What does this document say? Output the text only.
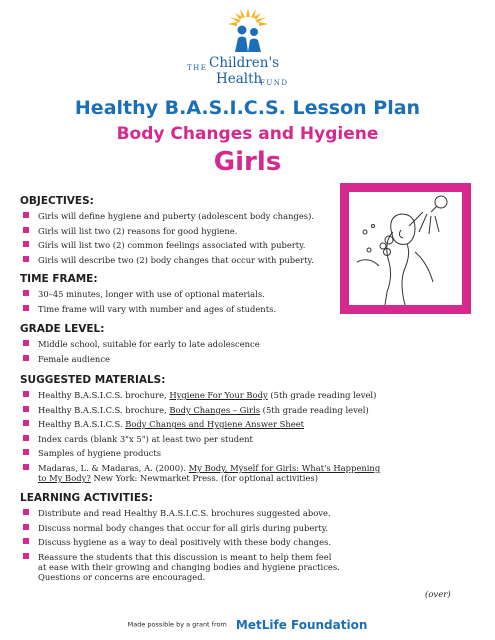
THE Children's
Health
FUND
Healthy B.A.S.I.C.S. Lesson Plan
Body Changes and Hygiene
Girls
OBJECTIVES:
Girls will define hygiene and puberty (adolescent body changes).
Girls will list two (2) reasons for good hygiene.
Girls will list two (2) common feelings associated with puberty.
Girls will describe two (2) body changes that occur with puberty.
TIME FRAME:
30–45 minutes, longer with use of optional materials.
Time frame will vary with number and ages of students.
GRADE LEVEL:
Middle school, suitable for early to late adolescence
Female audience
SUGGESTED MATERIALS:
Healthy B.A.S.I.C.S. brochure, Hygiene For Your Body (5th grade reading level)
Healthy B.A.S.I.C.S. brochure, Body Changes – Girls (5th grade reading level)
Healthy B.A.S.I.C.S. Body Changes and Hygiene Answer Sheet
Index cards (blank 3"x 5") at least two per student
Samples of hygiene products
Madaras, L. & Madaras, A. (2000). My Body, Myself for Girls: What's Happening
to My Body? New York: Newmarket Press. (for optional activities)
LEARNING ACTIVITIES:
Distribute and read Healthy B.A.S.I.C.S. brochures suggested above.
Discuss normal body changes that occur for all girls during puberty.
Discuss hygiene as a way to deal positively with these body changes.
Reassure the students that this discussion is meant to help them feel
at ease with their growing and changing bodies and hygiene practices.
Questions or concerns are encouraged.
(over)
Made possible by a grant from MetLife Foundation
